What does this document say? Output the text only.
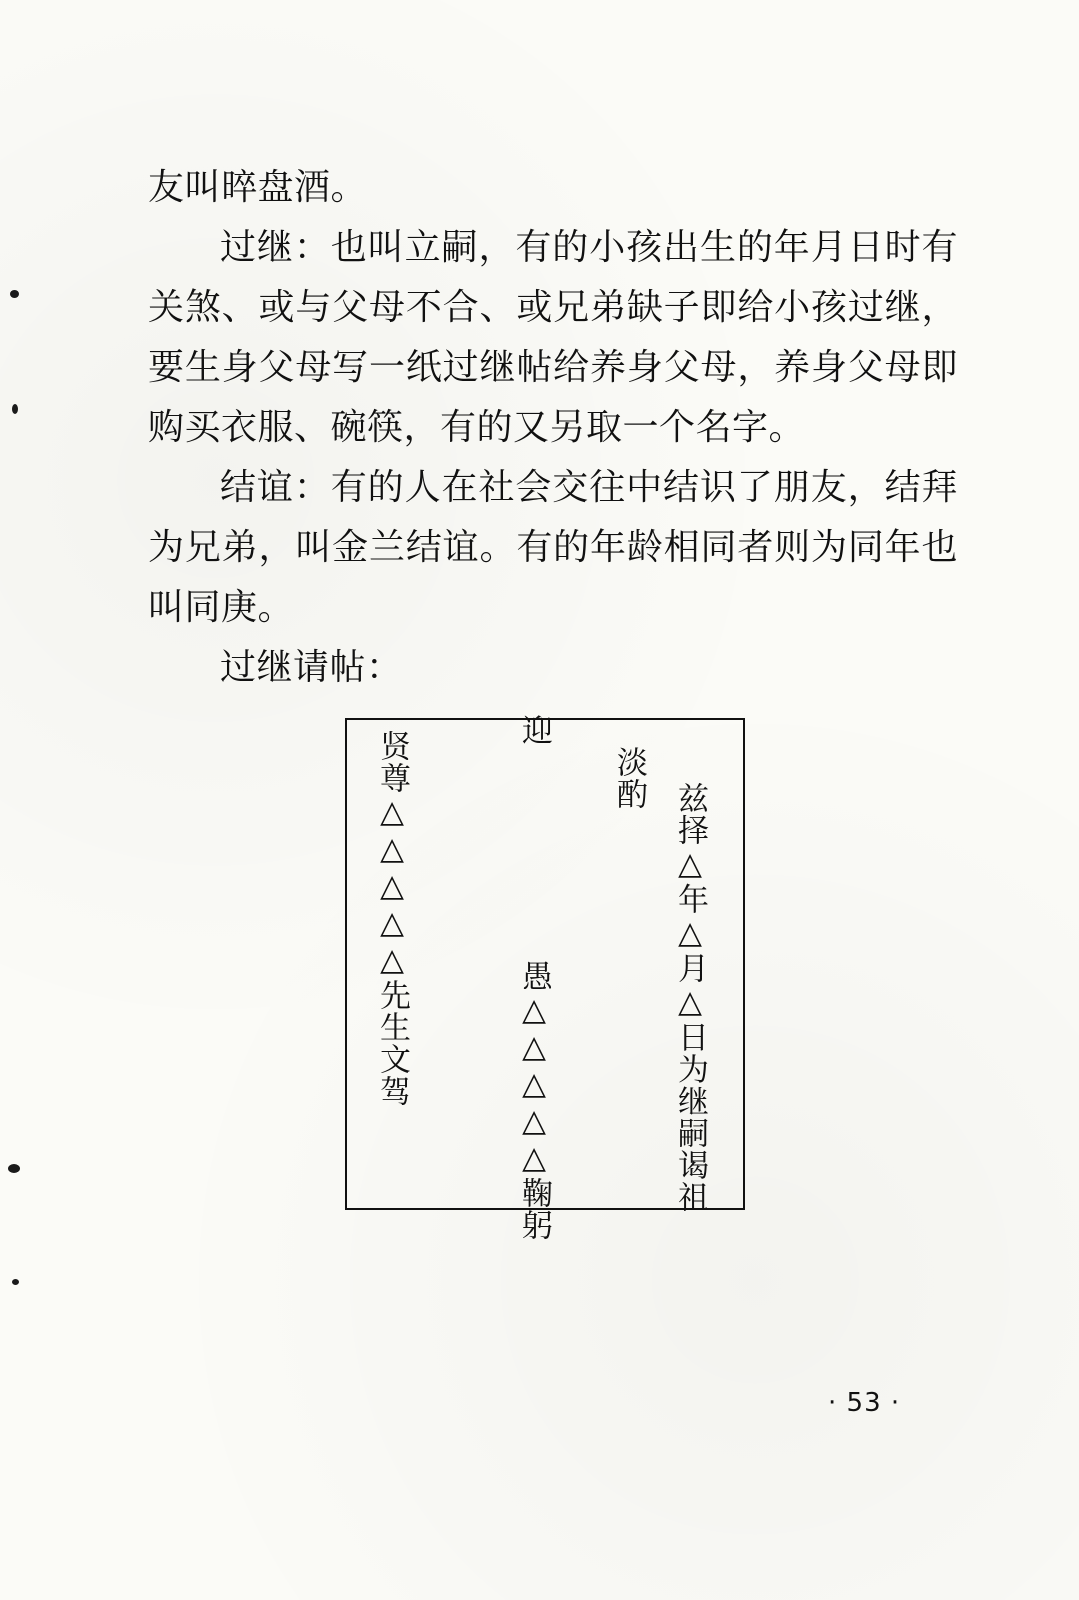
友叫晬盘酒。

过继：也叫立嗣，有的小孩出生的年月日时有关煞、或与父母不合、或兄弟缺子即给小孩过继，要生身父母写一纸过继帖给养身父母，养身父母即购买衣服、碗筷，有的又另取一个名字。

结谊：有的人在社会交往中结识了朋友，结拜为兄弟，叫金兰结谊。有的年龄相同者则为同年也叫同庚。

过继请帖：

兹择△年△月△日为继嗣谒祖
淡酌
迎
愚△△△△△鞠躬
贤尊△△△△△先生文驾
· 53 ·
